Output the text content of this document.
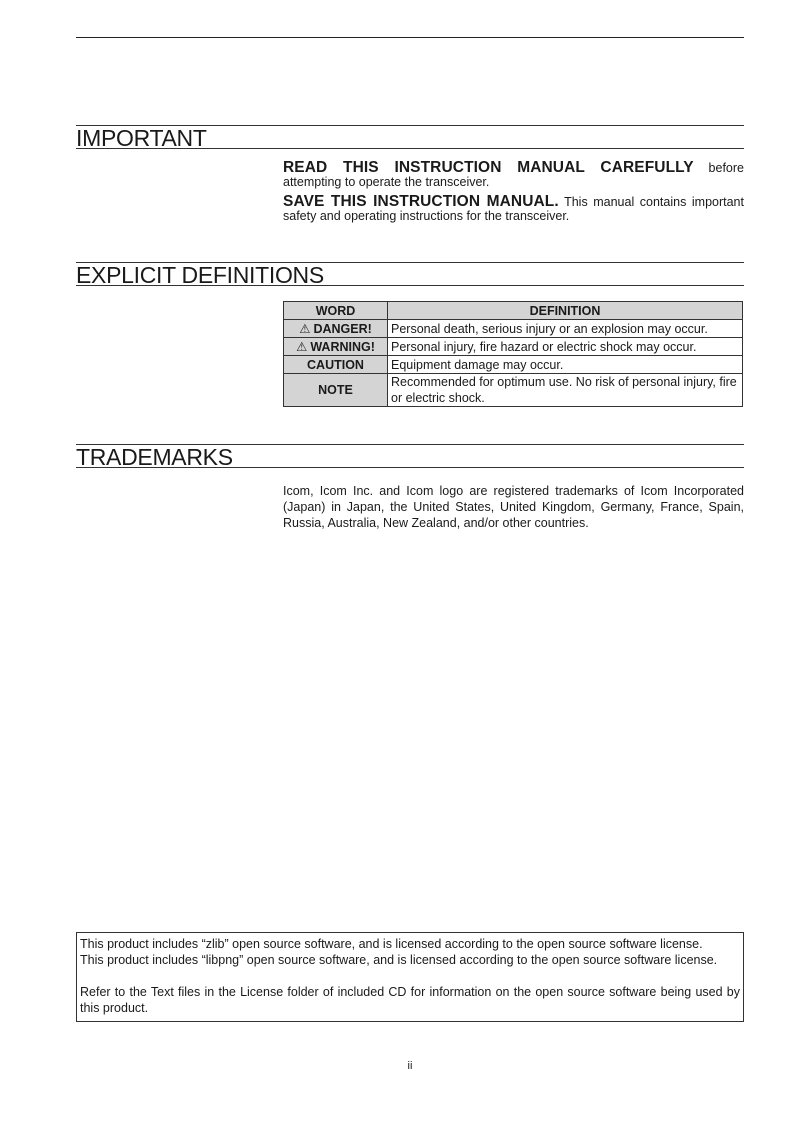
IMPORTANT

READ THIS INSTRUCTION MANUAL CAREFULLY before attempting to operate the transceiver.

SAVE THIS INSTRUCTION MANUAL. This manual contains important safety and operating instructions for the transceiver.

EXPLICIT DEFINITIONS
WORD	DEFINITION
⚠ DANGER!	Personal death, serious injury or an explosion may occur.
⚠ WARNING!	Personal injury, fire hazard or electric shock may occur.
CAUTION	Equipment damage may occur.
NOTE	Recommended for optimum use. No risk of personal injury, fire or electric shock.
TRADEMARKS

Icom, Icom Inc. and Icom logo are registered trademarks of Icom Incorporated (Japan) in Japan, the United States, United Kingdom, Germany, France, Spain, Russia, Australia, New Zealand, and/or other countries.

This product includes “zlib” open source software, and is licensed according to the open source software license.

This product includes “libpng” open source software, and is licensed according to the open source software license.

Refer to the Text files in the License folder of included CD for information on the open source software being used by this product.

ii
